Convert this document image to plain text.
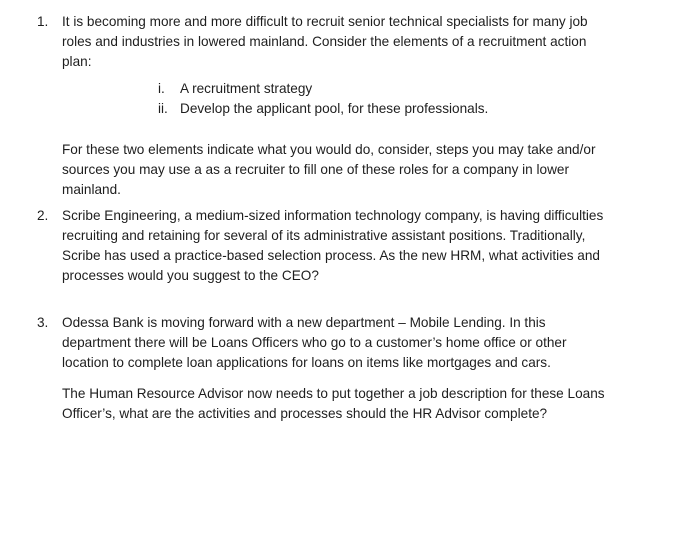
1. It is becoming more and more difficult to recruit senior technical specialists for many job
roles and industries in lowered mainland. Consider the elements of a recruitment action
plan:

i.	A recruitment strategy
ii. Develop the applicant pool, for these professionals.

For these two elements indicate what you would do, consider, steps you may take and/or
sources you may use a as a recruiter to fill one of these roles for a company in lower
mainland.

2. Scribe Engineering, a medium-sized information technology company, is having difficulties
recruiting and retaining for several of its administrative assistant positions. Traditionally,
Scribe has used a practice-based selection process. As the new HRM, what activities and
processes would you suggest to the CEO?

3. Odessa Bank is moving forward with a new department – Mobile Lending. In this
department there will be Loans Officers who go to a customer’s home office or other
location to complete loan applications for loans on items like mortgages and cars.

The Human Resource Advisor now needs to put together a job description for these Loans
Officer’s, what are the activities and processes should the HR Advisor complete?
